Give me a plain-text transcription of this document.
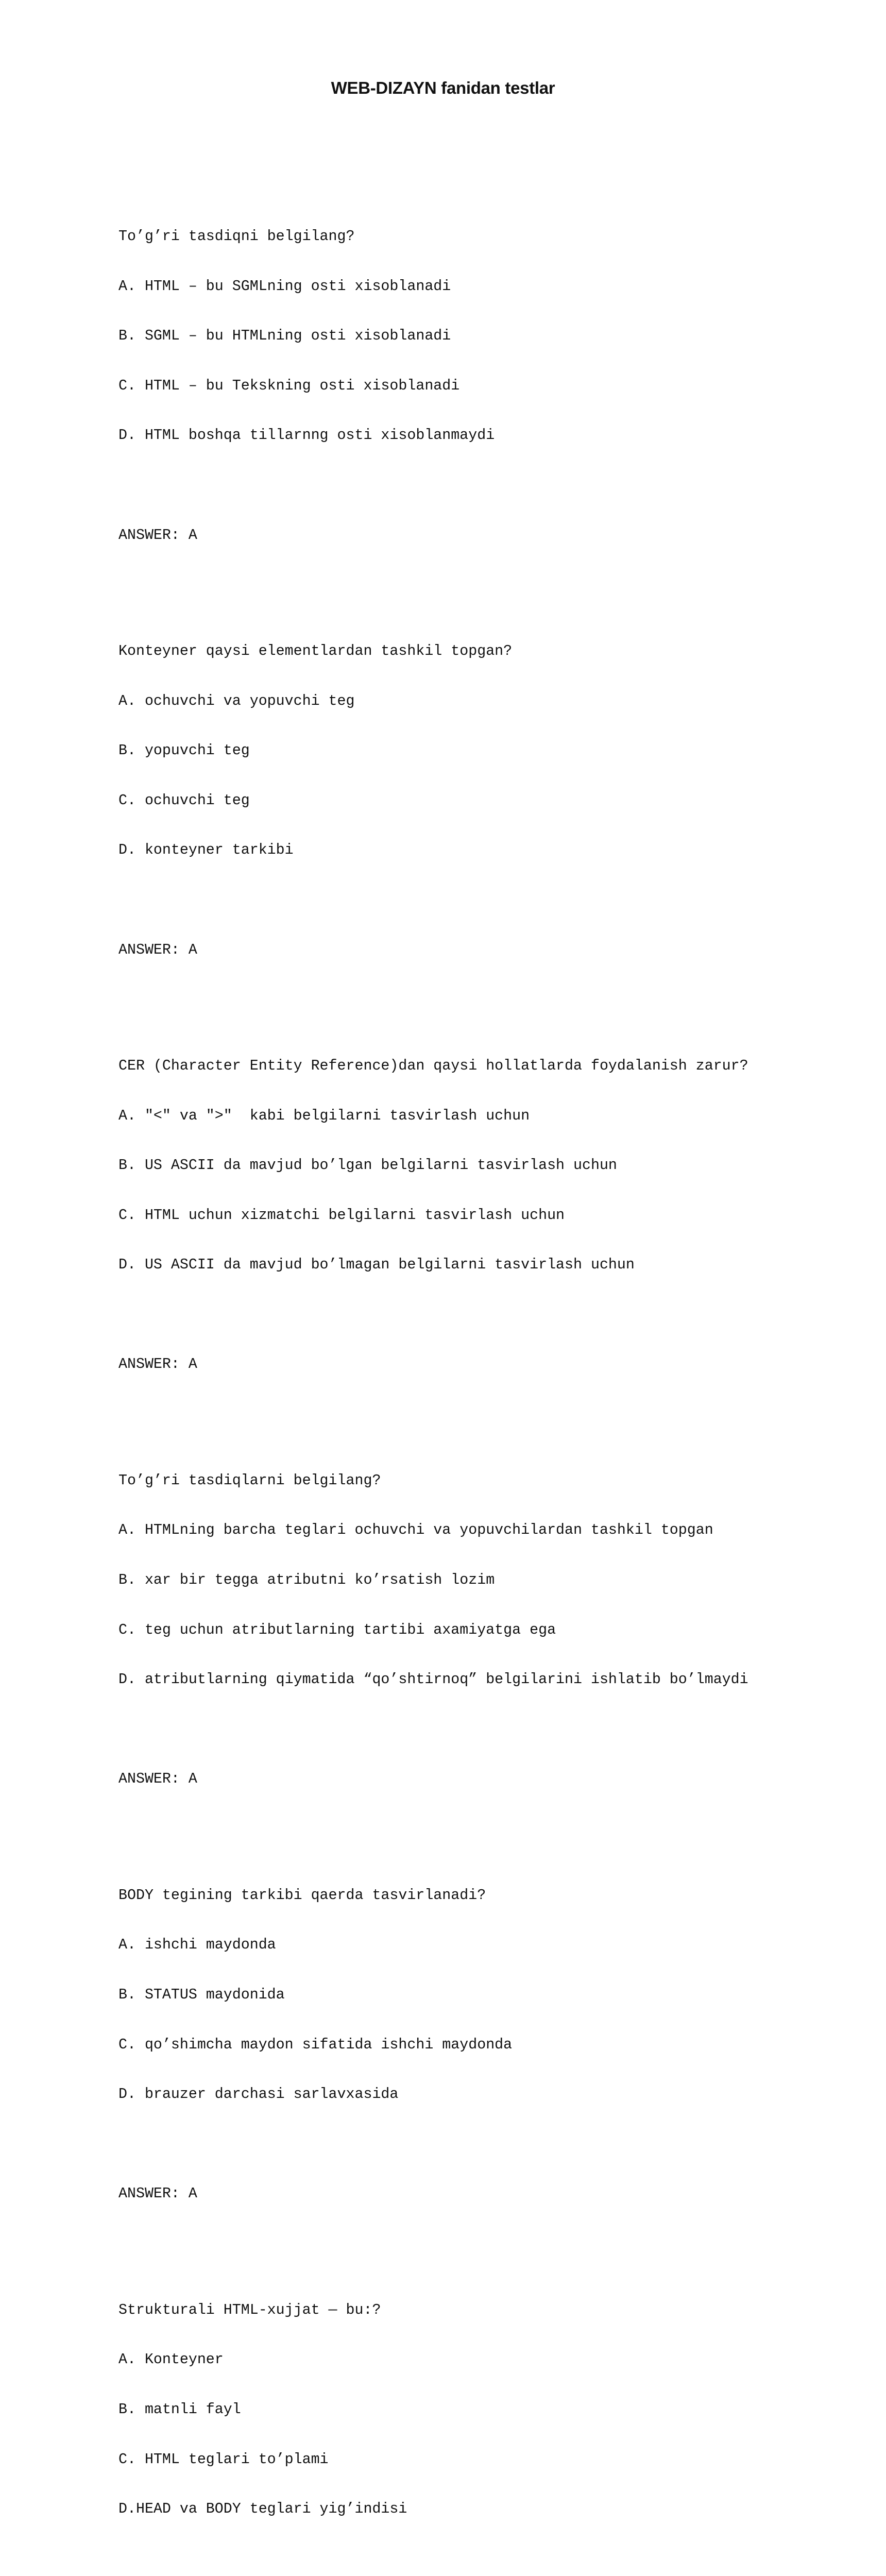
WEB-DIZAYN fanidan testlar

To’g’ri tasdiqni belgilang?

A. HTML – bu SGMLning osti xisoblanadi

B. SGML – bu HTMLning osti xisoblanadi

C. HTML – bu Tekskning osti xisoblanadi

D. HTML boshqa tillarnng osti xisoblanmaydi

ANSWER: A

Konteyner qaysi elementlardan tashkil topgan?

A. ochuvchi va yopuvchi teg

B. yopuvchi teg

C. ochuvchi teg

D. konteyner tarkibi

ANSWER: A

CER (Character Entity Reference)dan qaysi hollatlarda foydalanish zarur?

A. "<" va ">"  kabi belgilarni tasvirlash uchun

B. US ASCII da mavjud bo’lgan belgilarni tasvirlash uchun

C. HTML uchun xizmatchi belgilarni tasvirlash uchun

D. US ASCII da mavjud bo’lmagan belgilarni tasvirlash uchun

ANSWER: A

To’g’ri tasdiqlarni belgilang?

A. HTMLning barcha teglari ochuvchi va yopuvchilardan tashkil topgan

B. xar bir tegga atributni ko’rsatish lozim

C. teg uchun atributlarning tartibi axamiyatga ega

D. atributlarning qiymatida “qo’shtirnoq” belgilarini ishlatib bo’lmaydi

ANSWER: A

BODY tegining tarkibi qaerda tasvirlanadi?

A. ishchi maydonda

B. STATUS maydonida

C. qo’shimcha maydon sifatida ishchi maydonda

D. brauzer darchasi sarlavxasida

ANSWER: A

Strukturali HTML-xujjat — bu:?

A. Konteyner

B. matnli fayl

C. HTML teglari to’plami

D.HEAD va BODY teglari yig’indisi
